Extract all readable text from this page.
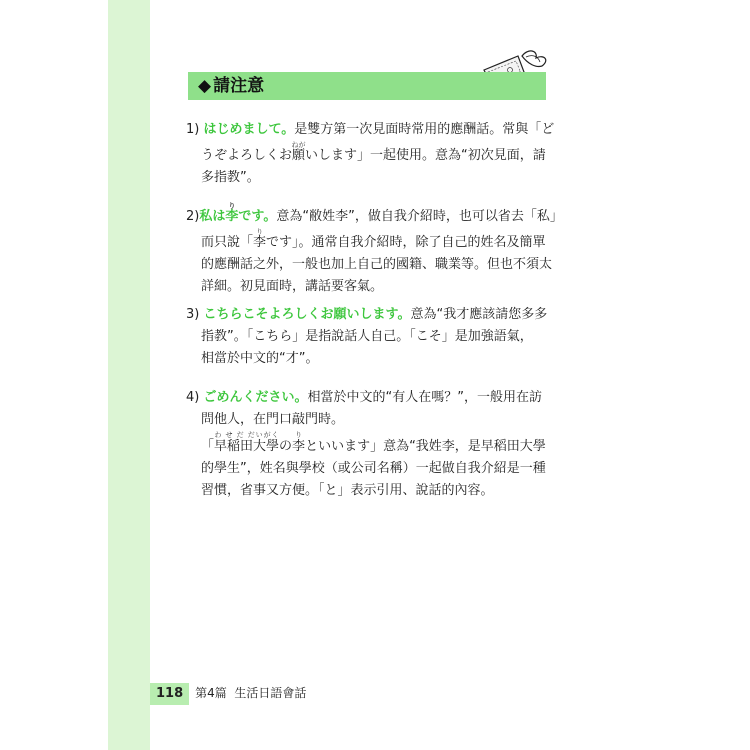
◆ 請注意
1) はじめまして。是雙方第一次見面時常用的應酬話。常與「ど
うぞよろしくお願ねがいします」一起使用。意為“初次見面，請
多指教”。
2)私は李りです。意為“敝姓李”，做自我介紹時，也可以省去「私」
而只說「李りです」。通常自我介紹時，除了自己的姓名及簡單
的應酬話之外，一般也加上自己的國籍、職業等。但也不須太
詳細。初見面時，講話要客氣。
3) こちらこそよろしくお願いします。意為“我才應該請您多多
指教”。「こちら」是指說話人自己。「こそ」是加強語氣，
相當於中文的“才”。
4) ごめんください。相當於中文的“有人在嗎？”，一般用在訪
問他人，在門口敲門時。
「早稲田大學わ せ だ だいがくの李りといいます」意為“我姓李，是早稻田大學
的學生”，姓名與學校（或公司名稱）一起做自我介紹是一種
習慣，省事又方便。「と」表示引用、說話的內容。
118 第4篇 生活日語會話
